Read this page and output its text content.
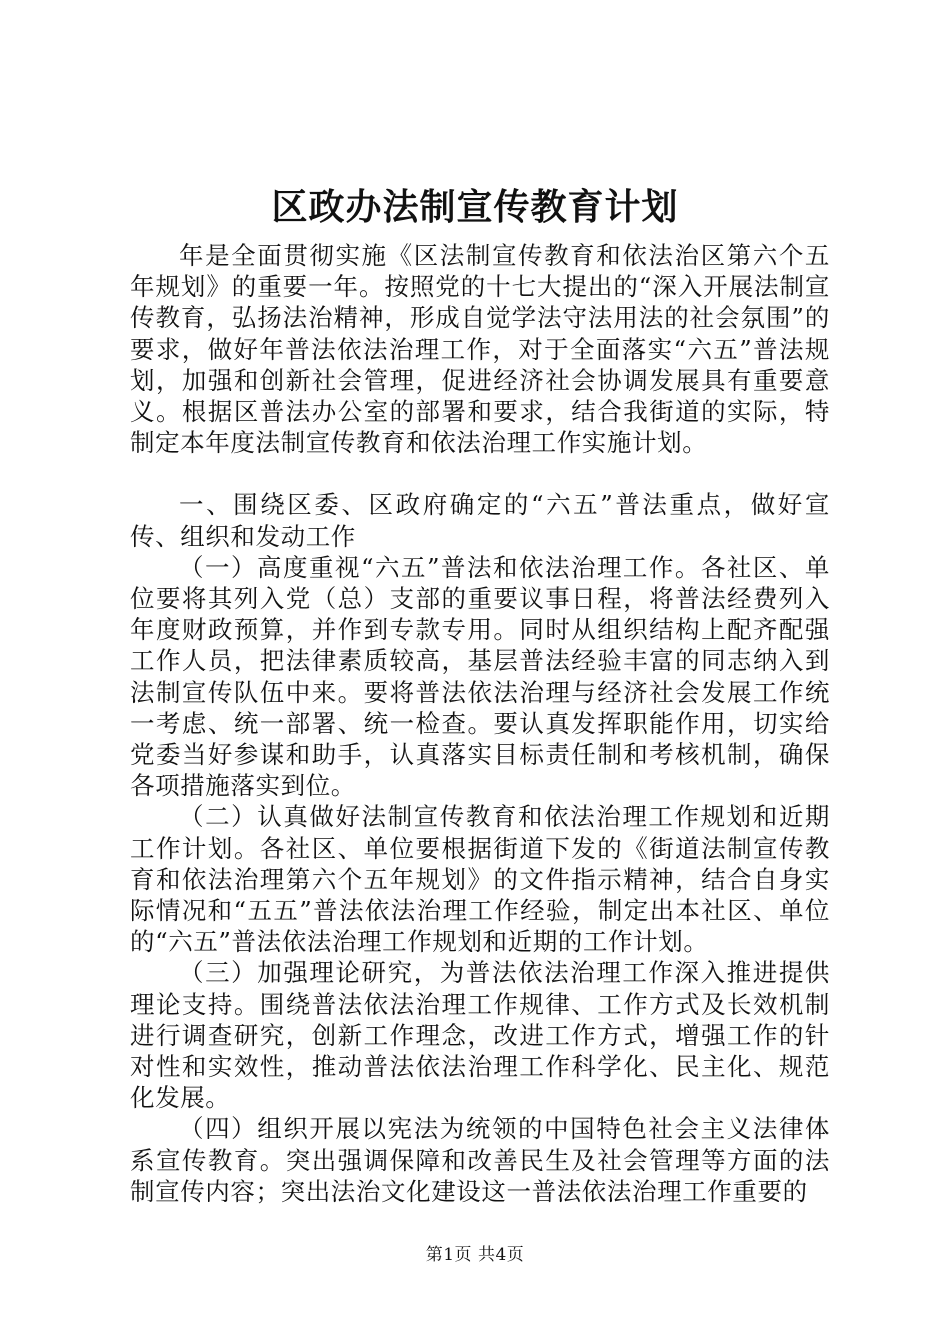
区政办法制宣传教育计划

年是全面贯彻实施《区法制宣传教育和依法治区第六个五年规划》的重要一年。按照党的十七大提出的“深入开展法制宣传教育，弘扬法治精神，形成自觉学法守法用法的社会氛围”的要求，做好年普法依法治理工作，对于全面落实“六五”普法规划，加强和创新社会管理，促进经济社会协调发展具有重要意义。根据区普法办公室的部署和要求，结合我街道的实际，特制定本年度法制宣传教育和依法治理工作实施计划。

一、围绕区委、区政府确定的“六五”普法重点，做好宣传、组织和发动工作

（一）高度重视“六五”普法和依法治理工作。各社区、单位要将其列入党（总）支部的重要议事日程，将普法经费列入年度财政预算，并作到专款专用。同时从组织结构上配齐配强工作人员，把法律素质较高，基层普法经验丰富的同志纳入到法制宣传队伍中来。要将普法依法治理与经济社会发展工作统一考虑、统一部署、统一检查。要认真发挥职能作用，切实给党委当好参谋和助手，认真落实目标责任制和考核机制，确保各项措施落实到位。

（二）认真做好法制宣传教育和依法治理工作规划和近期工作计划。各社区、单位要根据街道下发的《街道法制宣传教育和依法治理第六个五年规划》的文件指示精神，结合自身实际情况和“五五”普法依法治理工作经验，制定出本社区、单位的“六五”普法依法治理工作规划和近期的工作计划。

（三）加强理论研究，为普法依法治理工作深入推进提供理论支持。围绕普法依法治理工作规律、工作方式及长效机制进行调查研究，创新工作理念，改进工作方式，增强工作的针对性和实效性，推动普法依法治理工作科学化、民主化、规范化发展。

（四）组织开展以宪法为统领的中国特色社会主义法律体系宣传教育。突出强调保障和改善民生及社会管理等方面的法制宣传内容；突出法治文化建设这一普法依法治理工作重要的

第1页 共4页
